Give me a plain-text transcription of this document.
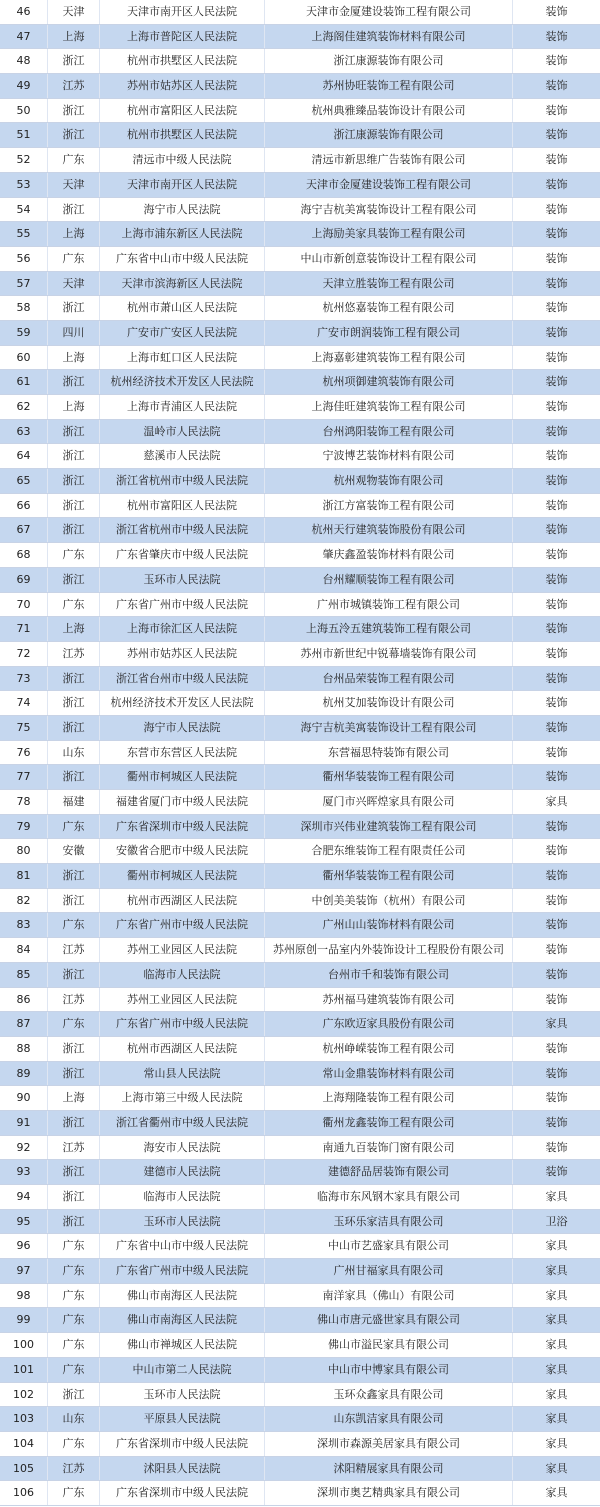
46	天津	天津市南开区人民法院	天津市金厦建设装饰工程有限公司	装饰
47	上海	上海市普陀区人民法院	上海阁佳建筑装饰材料有限公司	装饰
48	浙江	杭州市拱墅区人民法院	浙江康源装饰有限公司	装饰
49	江苏	苏州市姑苏区人民法院	苏州协旺装饰工程有限公司	装饰
50	浙江	杭州市富阳区人民法院	杭州典雅臻品装饰设计有限公司	装饰
51	浙江	杭州市拱墅区人民法院	浙江康源装饰有限公司	装饰
52	广东	清远市中级人民法院	清远市新思维广告装饰有限公司	装饰
53	天津	天津市南开区人民法院	天津市金厦建设装饰工程有限公司	装饰
54	浙江	海宁市人民法院	海宁吉杭美寓装饰设计工程有限公司	装饰
55	上海	上海市浦东新区人民法院	上海励美家具装饰工程有限公司	装饰
56	广东	广东省中山市中级人民法院	中山市新创意装饰设计工程有限公司	装饰
57	天津	天津市滨海新区人民法院	天津立胜装饰工程有限公司	装饰
58	浙江	杭州市萧山区人民法院	杭州悠嘉装饰工程有限公司	装饰
59	四川	广安市广安区人民法院	广安市朗润装饰工程有限公司	装饰
60	上海	上海市虹口区人民法院	上海嘉彰建筑装饰工程有限公司	装饰
61	浙江	杭州经济技术开发区人民法院	杭州项御建筑装饰有限公司	装饰
62	上海	上海市青浦区人民法院	上海佳旺建筑装饰工程有限公司	装饰
63	浙江	温岭市人民法院	台州鸿阳装饰工程有限公司	装饰
64	浙江	慈溪市人民法院	宁波博艺装饰材料有限公司	装饰
65	浙江	浙江省杭州市中级人民法院	杭州观物装饰有限公司	装饰
66	浙江	杭州市富阳区人民法院	浙江方富装饰工程有限公司	装饰
67	浙江	浙江省杭州市中级人民法院	杭州天行建筑装饰股份有限公司	装饰
68	广东	广东省肇庆市中级人民法院	肇庆鑫盈装饰材料有限公司	装饰
69	浙江	玉环市人民法院	台州耀顺装饰工程有限公司	装饰
70	广东	广东省广州市中级人民法院	广州市城镇装饰工程有限公司	装饰
71	上海	上海市徐汇区人民法院	上海五泠五建筑装饰工程有限公司	装饰
72	江苏	苏州市姑苏区人民法院	苏州市新世纪中锐幕墙装饰有限公司	装饰
73	浙江	浙江省台州市中级人民法院	台州品荣装饰工程有限公司	装饰
74	浙江	杭州经济技术开发区人民法院	杭州艾加装饰设计有限公司	装饰
75	浙江	海宁市人民法院	海宁吉杭美寓装饰设计工程有限公司	装饰
76	山东	东营市东营区人民法院	东营福思特装饰有限公司	装饰
77	浙江	衢州市柯城区人民法院	衢州华装装饰工程有限公司	装饰
78	福建	福建省厦门市中级人民法院	厦门市兴晖煌家具有限公司	家具
79	广东	广东省深圳市中级人民法院	深圳市兴伟业建筑装饰工程有限公司	装饰
80	安徽	安徽省合肥市中级人民法院	合肥东维装饰工程有限责任公司	装饰
81	浙江	衢州市柯城区人民法院	衢州华装装饰工程有限公司	装饰
82	浙江	杭州市西湖区人民法院	中创美美装饰（杭州）有限公司	装饰
83	广东	广东省广州市中级人民法院	广州山山装饰材料有限公司	装饰
84	江苏	苏州工业园区人民法院	苏州原创一品室内外装饰设计工程股份有限公司	装饰
85	浙江	临海市人民法院	台州市千和装饰有限公司	装饰
86	江苏	苏州工业园区人民法院	苏州福马建筑装饰有限公司	装饰
87	广东	广东省广州市中级人民法院	广东欧迈家具股份有限公司	家具
88	浙江	杭州市西湖区人民法院	杭州峥嵘装饰工程有限公司	装饰
89	浙江	常山县人民法院	常山金鼎装饰材料有限公司	装饰
90	上海	上海市第三中级人民法院	上海翔隆装饰工程有限公司	装饰
91	浙江	浙江省衢州市中级人民法院	衢州龙鑫装饰工程有限公司	装饰
92	江苏	海安市人民法院	南通九百装饰门窗有限公司	装饰
93	浙江	建德市人民法院	建德舒品居装饰有限公司	装饰
94	浙江	临海市人民法院	临海市东风钢木家具有限公司	家具
95	浙江	玉环市人民法院	玉环乐家洁具有限公司	卫浴
96	广东	广东省中山市中级人民法院	中山市艺盛家具有限公司	家具
97	广东	广东省广州市中级人民法院	广州甘福家具有限公司	家具
98	广东	佛山市南海区人民法院	南洋家具（佛山）有限公司	家具
99	广东	佛山市南海区人民法院	佛山市唐元盛世家具有限公司	家具
100	广东	佛山市禅城区人民法院	佛山市溢民家具有限公司	家具
101	广东	中山市第二人民法院	中山市中博家具有限公司	家具
102	浙江	玉环市人民法院	玉环众鑫家具有限公司	家具
103	山东	平原县人民法院	山东凯洁家具有限公司	家具
104	广东	广东省深圳市中级人民法院	深圳市森源美居家具有限公司	家具
105	江苏	沭阳县人民法院	沭阳精展家具有限公司	家具
106	广东	广东省深圳市中级人民法院	深圳市奥艺精典家具有限公司	家具
